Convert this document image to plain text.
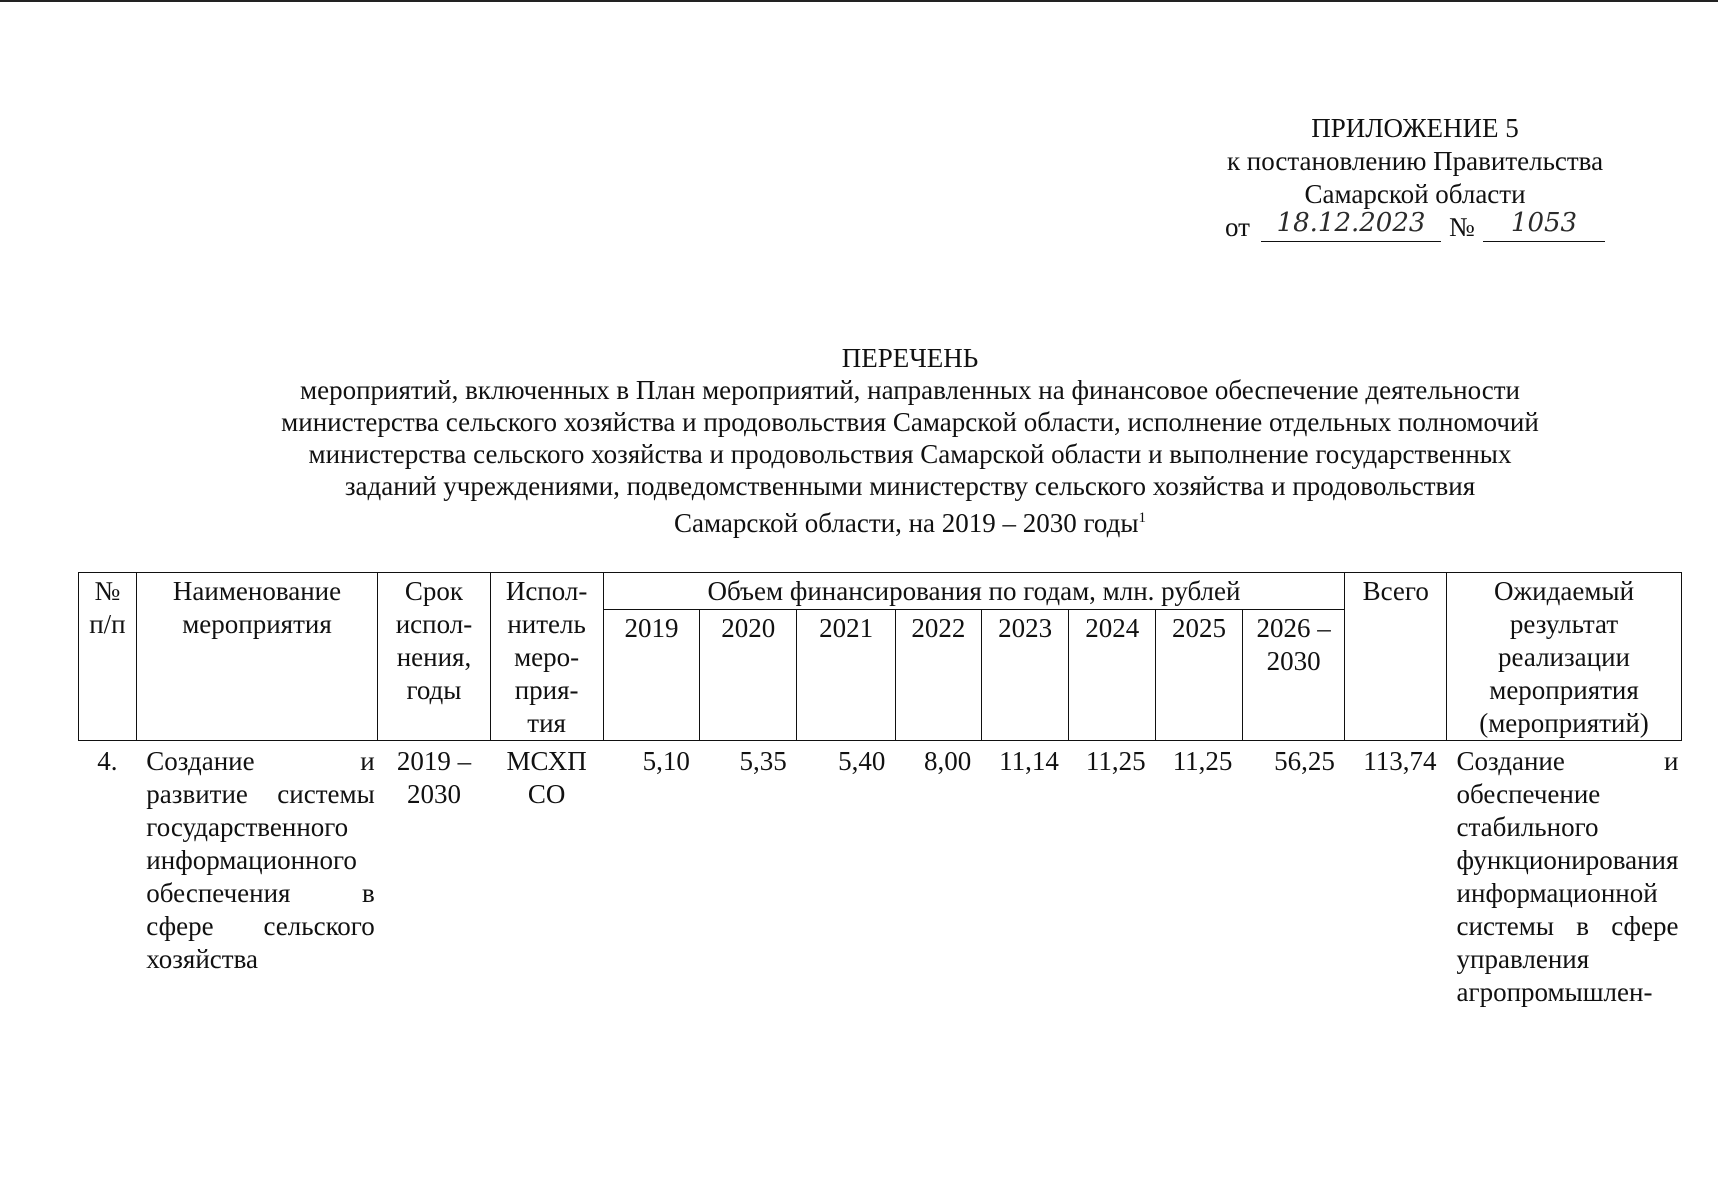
ПРИЛОЖЕНИЕ 5
к постановлению Правительства
Самарской области
от	18.12.2023 №	1053
ПЕРЕЧЕНЬ
мероприятий, включенных в План мероприятий, направленных на финансовое обеспечение деятельности
министерства сельского хозяйства и продовольствия Самарской области, исполнение отдельных полномочий
министерства сельского хозяйства и продовольствия Самарской области и выполнение государственных
заданий учреждениями, подведомственными министерству сельского хозяйства и продовольствия
Самарской области, на 2019 – 2030 годы$^1$
№ п/п	Наименование мероприятия	Срок испол- нения, годы	Испол- нитель меро- прия- тия	Объем финансирования по годам, млн. рублей								Всего	Ожидаемый результат реализации мероприятия (мероприятий)
				2019	2020	2021	2022	2023	2024	2025	2026 – 2030		
4.	Создание и развитие системы государственного информационного обеспечения в сфере сельского хозяйства	2019 – 2030	МСХП СО	5,10	5,35	5,40	8,00	11,14	11,25	11,25	56,25	113,74	Создание и обеспечение стабильного функционирования информационной системы в сфере управления агропромышлен-
